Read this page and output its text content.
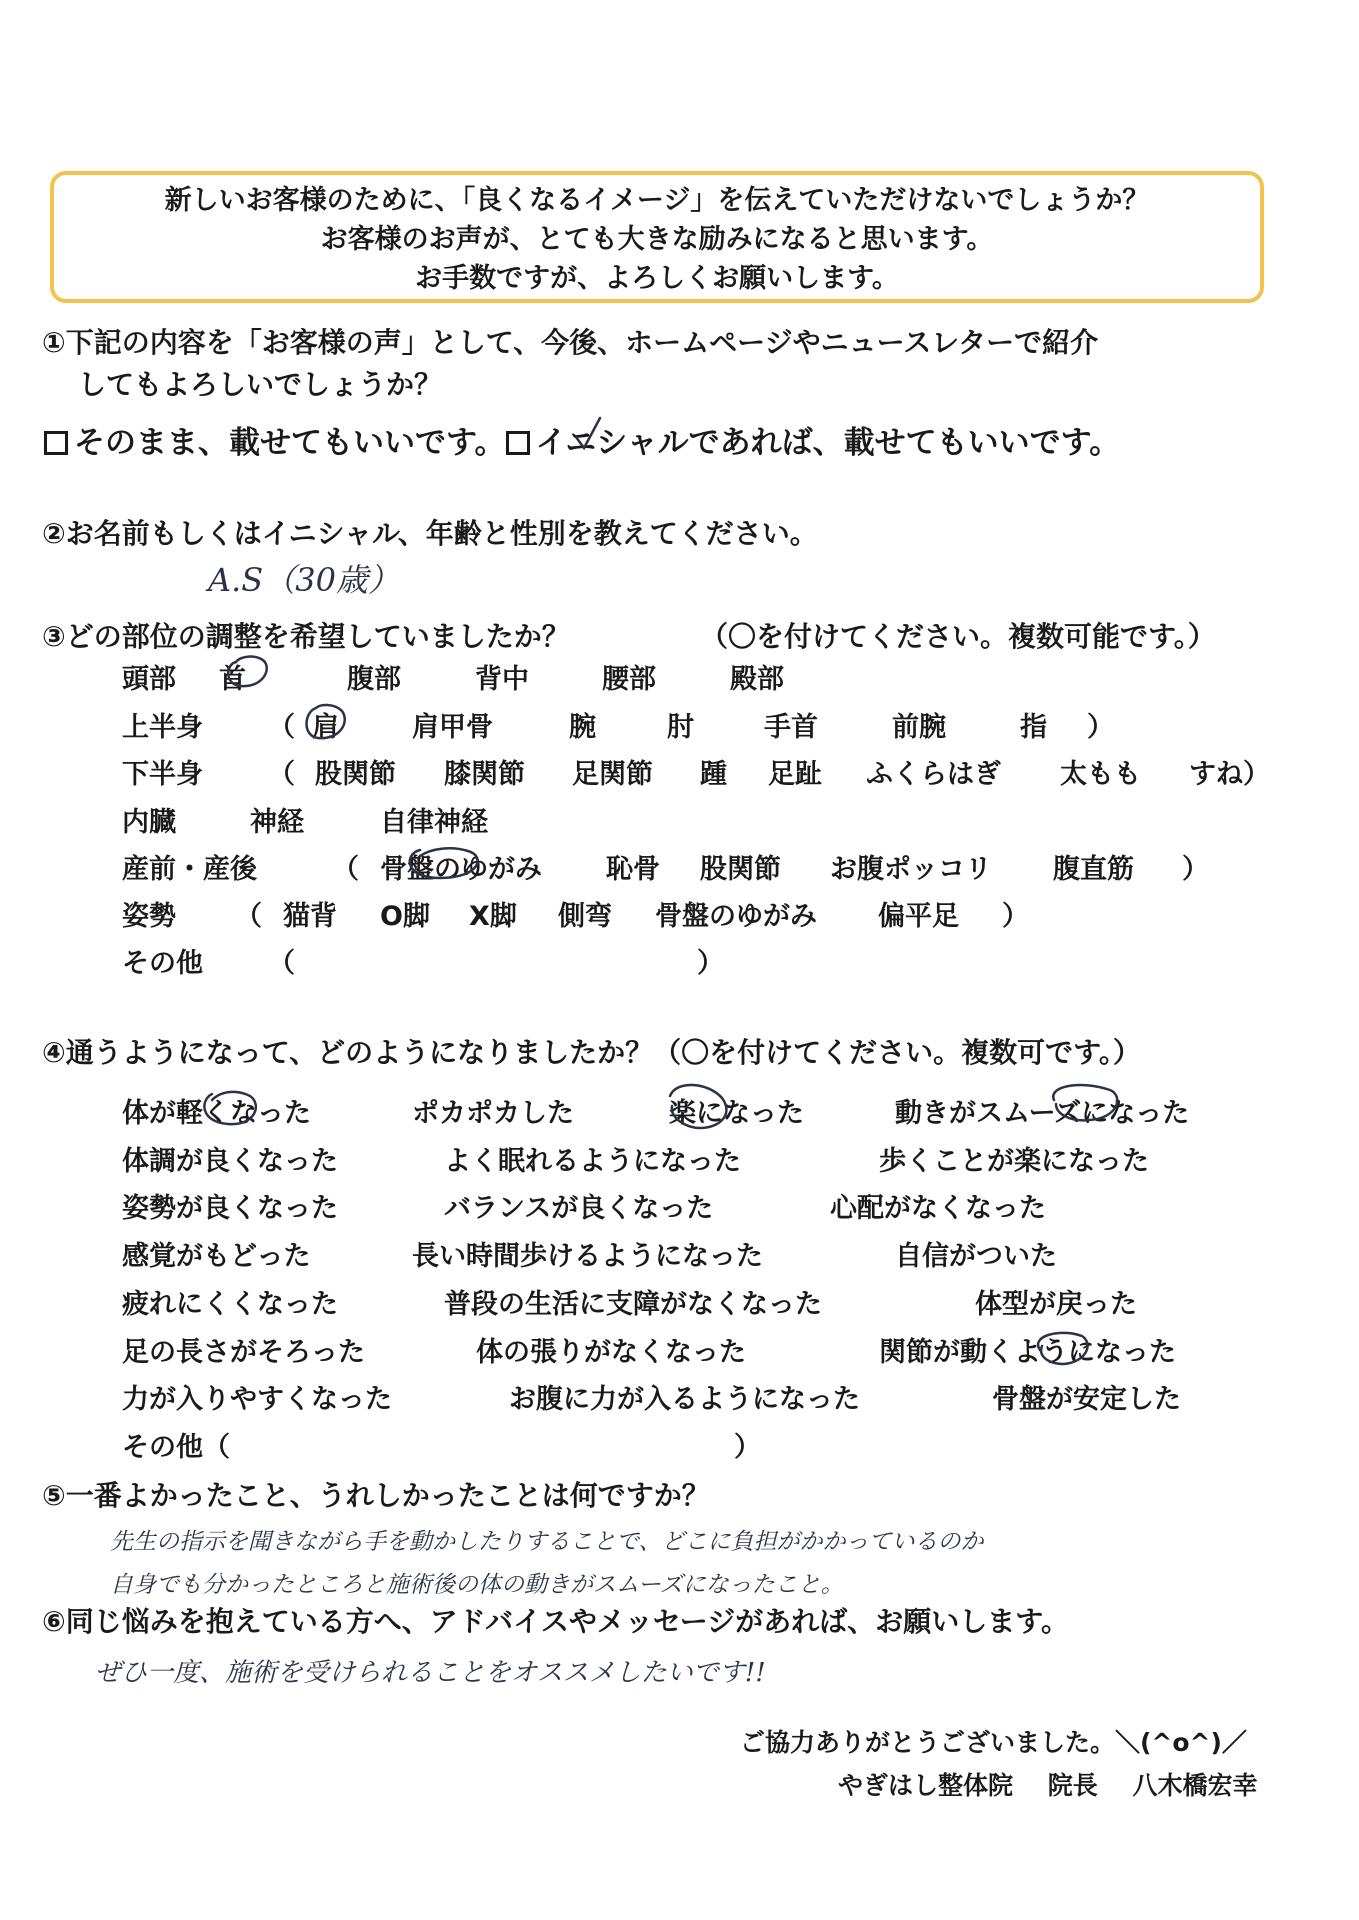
新しいお客様のために、「良くなるイメージ」を伝えていただけないでしょうか？
お客様のお声が、とても大きな励みになると思います。
お手数ですが、よろしくお願いします。
①下記の内容を「お客様の声」として、今後、ホームページやニュースレターで紹介
してもよろしいでしょうか？
そのまま、載せてもいいです。 イニシャルであれば、載せてもいいです。
②お名前もしくはイニシャル、年齢と性別を教えてください。
A.S（30歳）
③どの部位の調整を希望していましたか？	（〇を付けてください。複数可能です。）
頭部 首	腹部	背中	腰部	殿部
上半身 （ 肩	肩甲骨	腕	肘	手首	前腕	指 ）
下半身 （ 股関節 膝関節 足関節 踵 足趾 ふくらはぎ 太もも すね）
内臓	神経	自律神経
産前・産後	（ 骨盤のゆがみ 恥骨 股関節 お腹ポッコリ 腹直筋 ）
姿勢 （ 猫背 O脚 X脚 側弯 骨盤のゆがみ 偏平足 ）
その他 （	）
④通うようになって、どのようになりましたか？（〇を付けてください。複数可です。）
体が軽くなった	ポカポカした	楽になった	動きがスムーズになった
体調が良くなった	よく眠れるようになった	歩くことが楽になった
姿勢が良くなった	バランスが良くなった	心配がなくなった
感覚がもどった	長い時間歩けるようになった	自信がついた
疲れにくくなった	普段の生活に支障がなくなった	体型が戻った
足の長さがそろった	体の張りがなくなった	関節が動くようになった
力が入りやすくなった	お腹に力が入るようになった	骨盤が安定した
その他（	）
⑤一番よかったこと、うれしかったことは何ですか？
先生の指示を聞きながら手を動かしたりすることで、どこに負担がかかっているのか
自身でも分かったところと施術後の体の動きがスムーズになったこと。
⑥同じ悩みを抱えている方へ、アドバイスやメッセージがあれば、お願いします。
ぜひ一度、施術を受けられることをオススメしたいです!!
ご協力ありがとうございました。＼(^o^)／
やぎはし整体院 院長 八木橋宏幸
